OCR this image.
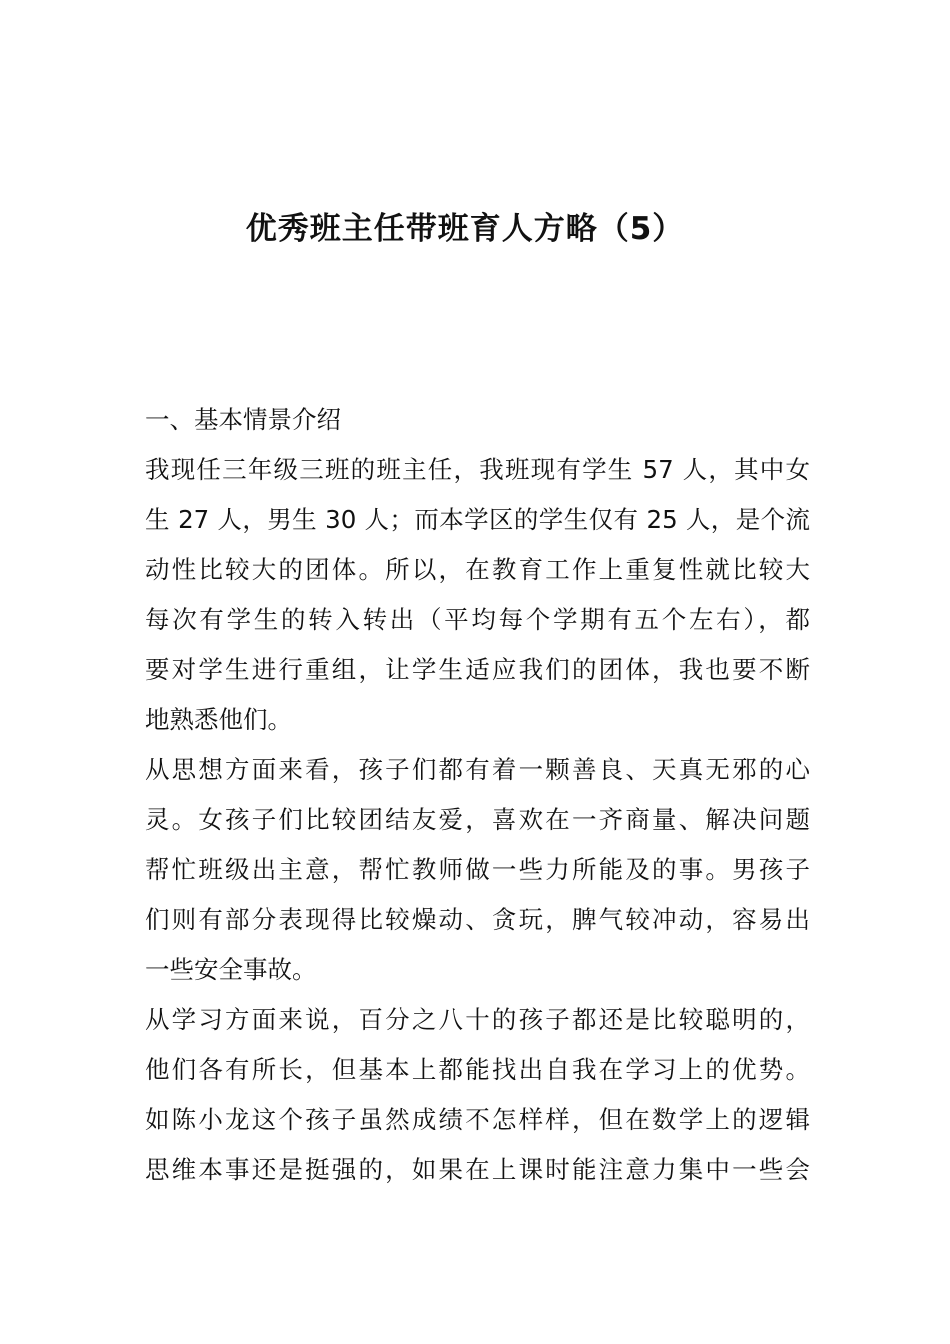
优秀班主任带班育人方略（5）
一、基本情景介绍
我现任三年级三班的班主任，我班现有学生 57 人，其中女
生 27 人，男生 30 人；而本学区的学生仅有 25 人，是个流
动性比较大的团体。所以，在教育工作上重复性就比较大
每次有学生的转入转出（平均每个学期有五个左右），都
要对学生进行重组，让学生适应我们的团体，我也要不断
地熟悉他们。
从思想方面来看，孩子们都有着一颗善良、天真无邪的心
灵。女孩子们比较团结友爱，喜欢在一齐商量、解决问题
帮忙班级出主意，帮忙教师做一些力所能及的事。男孩子
们则有部分表现得比较燥动、贪玩，脾气较冲动，容易出
一些安全事故。
从学习方面来说，百分之八十的孩子都还是比较聪明的，
他们各有所长，但基本上都能找出自我在学习上的优势。
如陈小龙这个孩子虽然成绩不怎样样，但在数学上的逻辑
思维本事还是挺强的，如果在上课时能注意力集中一些会
